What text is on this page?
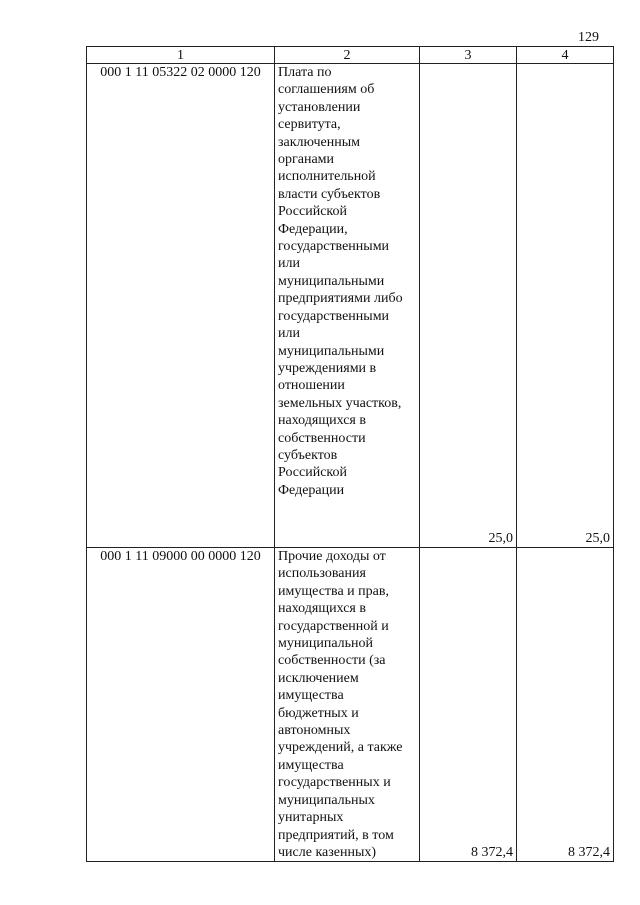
129
1	2	3	4
000 1 11 05322 02 0000 120	Плата по соглашениям об установлении сервитута, заключенным органами исполнительной власти субъектов Российской Федерации, государственными или муниципальными предприятиями либо государственными или муниципальными учреждениями в отношении земельных участков, находящихся в собственности субъектов Российской Федерации	25,0	25,0
000 1 11 09000 00 0000 120	Прочие доходы от использования имущества и прав, находящихся в государственной и муниципальной собственности (за исключением имущества бюджетных и автономных учреждений, а также имущества государственных и муниципальных унитарных предприятий, в том числе казенных)	8 372,4	8 372,4
